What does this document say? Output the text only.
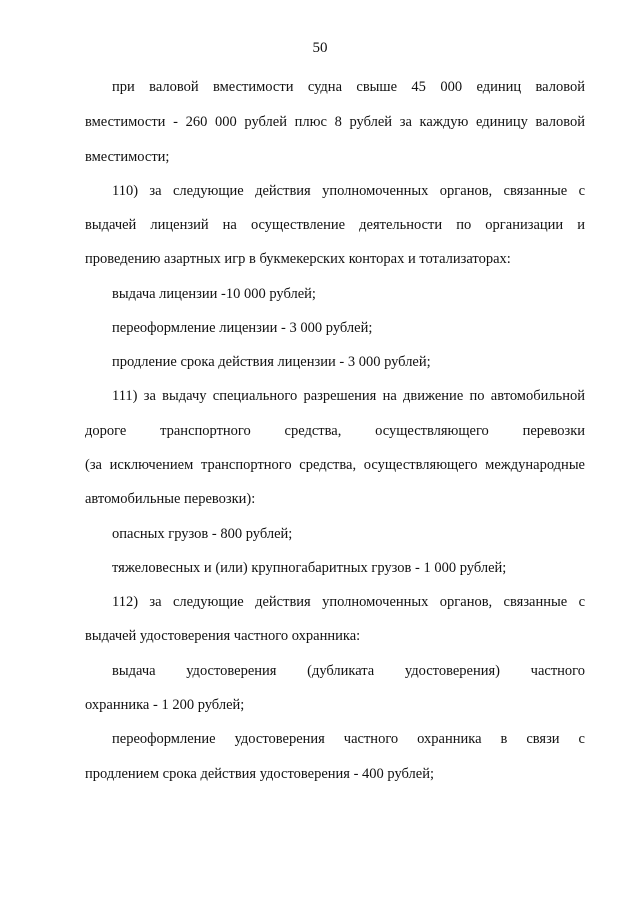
50
при валовой вместимости судна свыше 45 000 единиц валовой
вместимости - 260 000 рублей плюс 8 рублей за каждую единицу валовой
вместимости;
110) за следующие действия уполномоченных органов, связанные с
выдачей лицензий на осуществление деятельности по организации и
проведению азартных игр в букмекерских конторах и тотализаторах:
выдача лицензии -10 000 рублей;
переоформление лицензии - 3 000 рублей;
продление срока действия лицензии - 3 000 рублей;
111) за выдачу специального разрешения на движение по автомобильной
дороге транспортного средства, осуществляющего перевозки
(за исключением транспортного средства, осуществляющего международные
автомобильные перевозки):
опасных грузов - 800 рублей;
тяжеловесных и (или) крупногабаритных грузов - 1 000 рублей;
112) за следующие действия уполномоченных органов, связанные с
выдачей удостоверения частного охранника:
выдача удостоверения (дубликата удостоверения) частного
охранника - 1 200 рублей;
переоформление удостоверения частного охранника в связи с
продлением срока действия удостоверения - 400 рублей;
